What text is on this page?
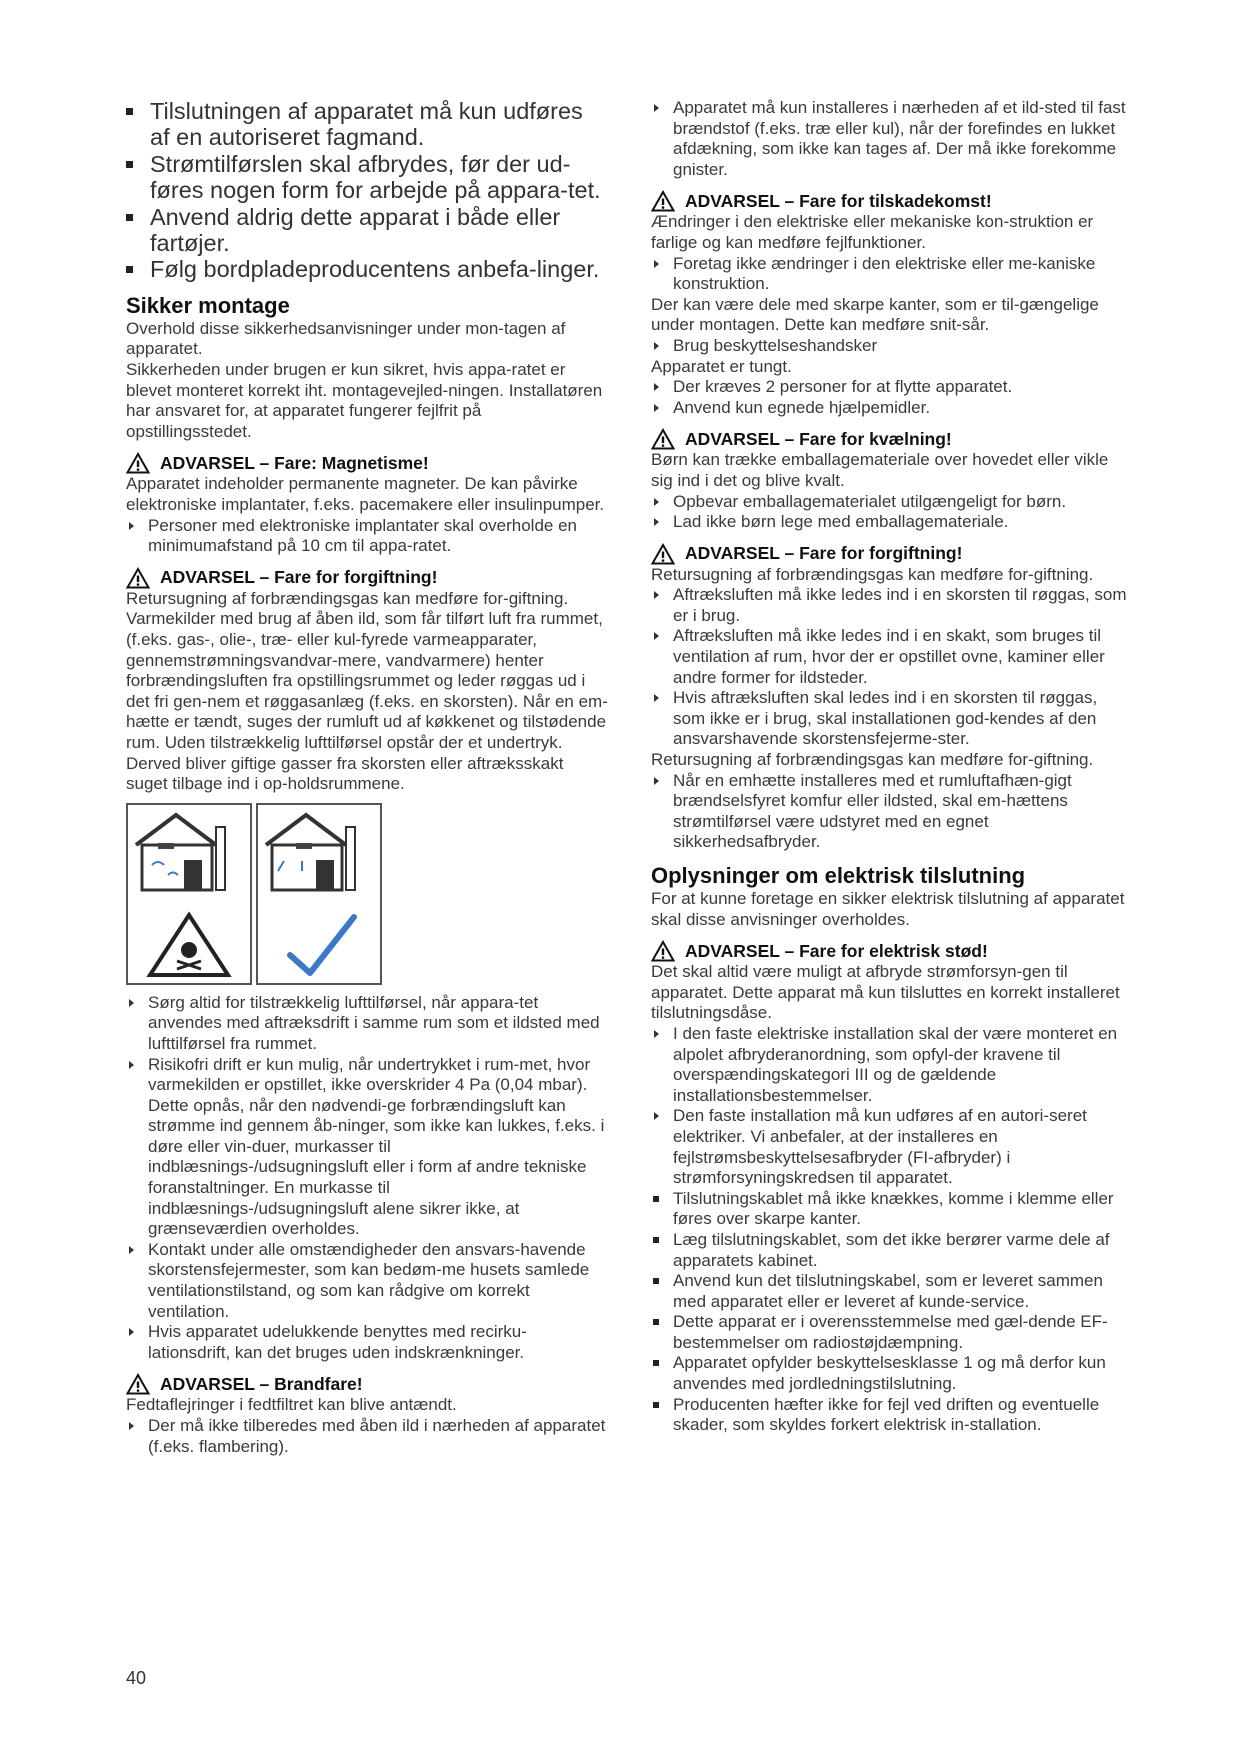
Tilslutningen af apparatet må kun udføres af en autoriseret fagmand.
Strømtilførslen skal afbrydes, før der ud-føres nogen form for arbejde på appara-tet.
Anvend aldrig dette apparat i både eller fartøjer.
Følg bordpladeproducentens anbefa-linger.
Sikker montage

Overhold disse sikkerhedsanvisninger under mon-tagen af apparatet.

Sikkerheden under brugen er kun sikret, hvis appa-ratet er blevet monteret korrekt iht. montagevejled-ningen. Installatøren har ansvaret for, at apparatet fungerer fejlfrit på opstillingsstedet.

ADVARSEL – Fare: Magnetisme!

Apparatet indeholder permanente magneter. De kan påvirke elektroniske implantater, f.eks. pacemakere eller insulinpumper.

Personer med elektroniske implantater skal overholde en minimumafstand på 10 cm til appa-ratet.
ADVARSEL – Fare for forgiftning!

Retursugning af forbrændingsgas kan medføre for-giftning. Varmekilder med brug af åben ild, som får tilført luft fra rummet, (f.eks. gas-, olie-, træ- eller kul-fyrede varmeapparater, gennemstrømningsvandvar-mere, vandvarmere) henter forbrændingsluften fra opstillingsrummet og leder røggas ud i det fri gen-nem et røggasanlæg (f.eks. en skorsten). Når en em-hætte er tændt, suges der rumluft ud af køkkenet og tilstødende rum. Uden tilstrækkelig lufttilførsel opstår der et undertryk. Derved bliver giftige gasser fra skorsten eller aftræksskakt suget tilbage ind i op-holdsrummene.

Sørg altid for tilstrækkelig lufttilførsel, når appara-tet anvendes med aftræksdrift i samme rum som et ildsted med lufttilførsel fra rummet.
Risikofri drift er kun mulig, når undertrykket i rum-met, hvor varmekilden er opstillet, ikke overskrider 4 Pa (0,04 mbar). Dette opnås, når den nødvendi-ge forbrændingsluft kan strømme ind gennem åb-ninger, som ikke kan lukkes, f.eks. i døre eller vin-duer, murkasser til indblæsnings-/udsugningsluft eller i form af andre tekniske foranstaltninger. En murkasse til indblæsnings-/udsugningsluft alene sikrer ikke, at grænseværdien overholdes.
Kontakt under alle omstændigheder den ansvars-havende skorstensfejermester, som kan bedøm-me husets samlede ventilationstilstand, og som kan rådgive om korrekt ventilation.
Hvis apparatet udelukkende benyttes med recirku-lationsdrift, kan det bruges uden indskrænkninger.
ADVARSEL – Brandfare!

Fedtaflejringer i fedtfiltret kan blive antændt.

Der må ikke tilberedes med åben ild i nærheden af apparatet (f.eks. flambering).
Apparatet må kun installeres i nærheden af et ild-sted til fast brændstof (f.eks. træ eller kul), når der forefindes en lukket afdækning, som ikke kan tages af. Der må ikke forekomme gnister.
ADVARSEL – Fare for tilskadekomst!

Ændringer i den elektriske eller mekaniske kon-struktion er farlige og kan medføre fejlfunktioner.

Foretag ikke ændringer i den elektriske eller me-kaniske konstruktion.

Der kan være dele med skarpe kanter, som er til-gængelige under montagen. Dette kan medføre snit-sår.

Brug beskyttelseshandsker

Apparatet er tungt.

Der kræves 2 personer for at flytte apparatet.
Anvend kun egnede hjælpemidler.
ADVARSEL – Fare for kvælning!

Børn kan trække emballagemateriale over hovedet eller vikle sig ind i det og blive kvalt.

Opbevar emballagematerialet utilgængeligt for børn.
Lad ikke børn lege med emballagemateriale.
ADVARSEL – Fare for forgiftning!

Retursugning af forbrændingsgas kan medføre for-giftning.

Aftræksluften må ikke ledes ind i en skorsten til røggas, som er i brug.
Aftræksluften må ikke ledes ind i en skakt, som bruges til ventilation af rum, hvor der er opstillet ovne, kaminer eller andre former for ildsteder.
Hvis aftræksluften skal ledes ind i en skorsten til røggas, som ikke er i brug, skal installationen god-kendes af den ansvarshavende skorstensfejerme-ster.

Retursugning af forbrændingsgas kan medføre for-giftning.

Når en emhætte installeres med et rumluftafhæn-gigt brændselsfyret komfur eller ildsted, skal em-hættens strømtilførsel være udstyret med en egnet sikkerhedsafbryder.
Oplysninger om elektrisk tilslutning

For at kunne foretage en sikker elektrisk tilslutning af apparatet skal disse anvisninger overholdes.

ADVARSEL – Fare for elektrisk stød!

Det skal altid være muligt at afbryde strømforsyn-gen til apparatet. Dette apparat må kun tilsluttes en korrekt installeret tilslutningsdåse.

I den faste elektriske installation skal der være monteret en alpolet afbryderanordning, som opfyl-der kravene til overspændingskategori III og de gældende installationsbestemmelser.
Den faste installation må kun udføres af en autori-seret elektriker. Vi anbefaler, at der installeres en fejlstrømsbeskyttelsesafbryder (FI-afbryder) i strømforsyningskredsen til apparatet.
Tilslutningskablet må ikke knækkes, komme i klemme eller føres over skarpe kanter.
Læg tilslutningskablet, som det ikke berører varme dele af apparatets kabinet.
Anvend kun det tilslutningskabel, som er leveret sammen med apparatet eller er leveret af kunde-service.
Dette apparat er i overensstemmelse med gæl-dende EF-bestemmelser om radiostøjdæmpning.
Apparatet opfylder beskyttelsesklasse 1 og må derfor kun anvendes med jordledningstilslutning.
Producenten hæfter ikke for fejl ved driften og eventuelle skader, som skyldes forkert elektrisk in-stallation.
40
